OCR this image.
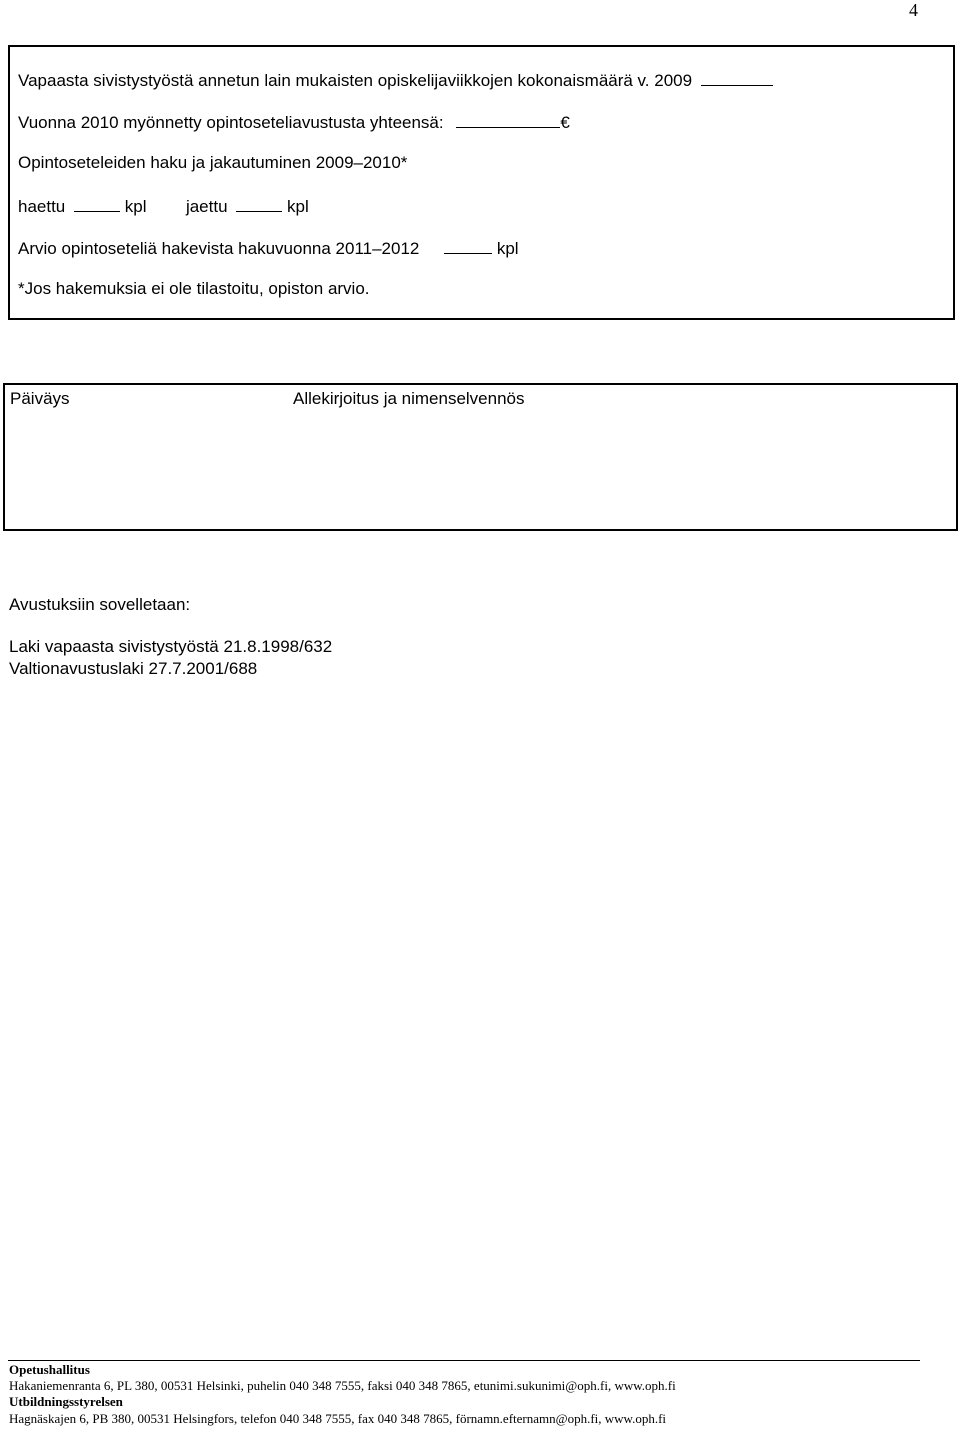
4
Vapaasta sivistystyöstä annetun lain mukaisten opiskelijaviikkojen kokonaismäärä v. 2009
Vuonna 2010 myönnetty opintoseteliavustusta yhteensä:	€
Opintoseteleiden haku ja jakautuminen 2009–2010*
haettu	kpl jaettu	kpl
Arvio opintoseteliä hakevista hakuvuonna 2011–2012	kpl
*Jos hakemuksia ei ole tilastoitu, opiston arvio.
Päiväys	Allekirjoitus ja nimenselvennös
Avustuksiin sovelletaan:
Laki vapaasta sivistystyöstä 21.8.1998/632
Valtionavustuslaki 27.7.2001/688
Opetushallitus
Hakaniemenranta 6, PL 380, 00531 Helsinki, puhelin 040 348 7555, faksi 040 348 7865, etunimi.sukunimi@oph.fi, www.oph.fi
Utbildningsstyrelsen
Hagnäskajen 6, PB 380, 00531 Helsingfors, telefon 040 348 7555, fax 040 348 7865, förnamn.efternamn@oph.fi, www.oph.fi
